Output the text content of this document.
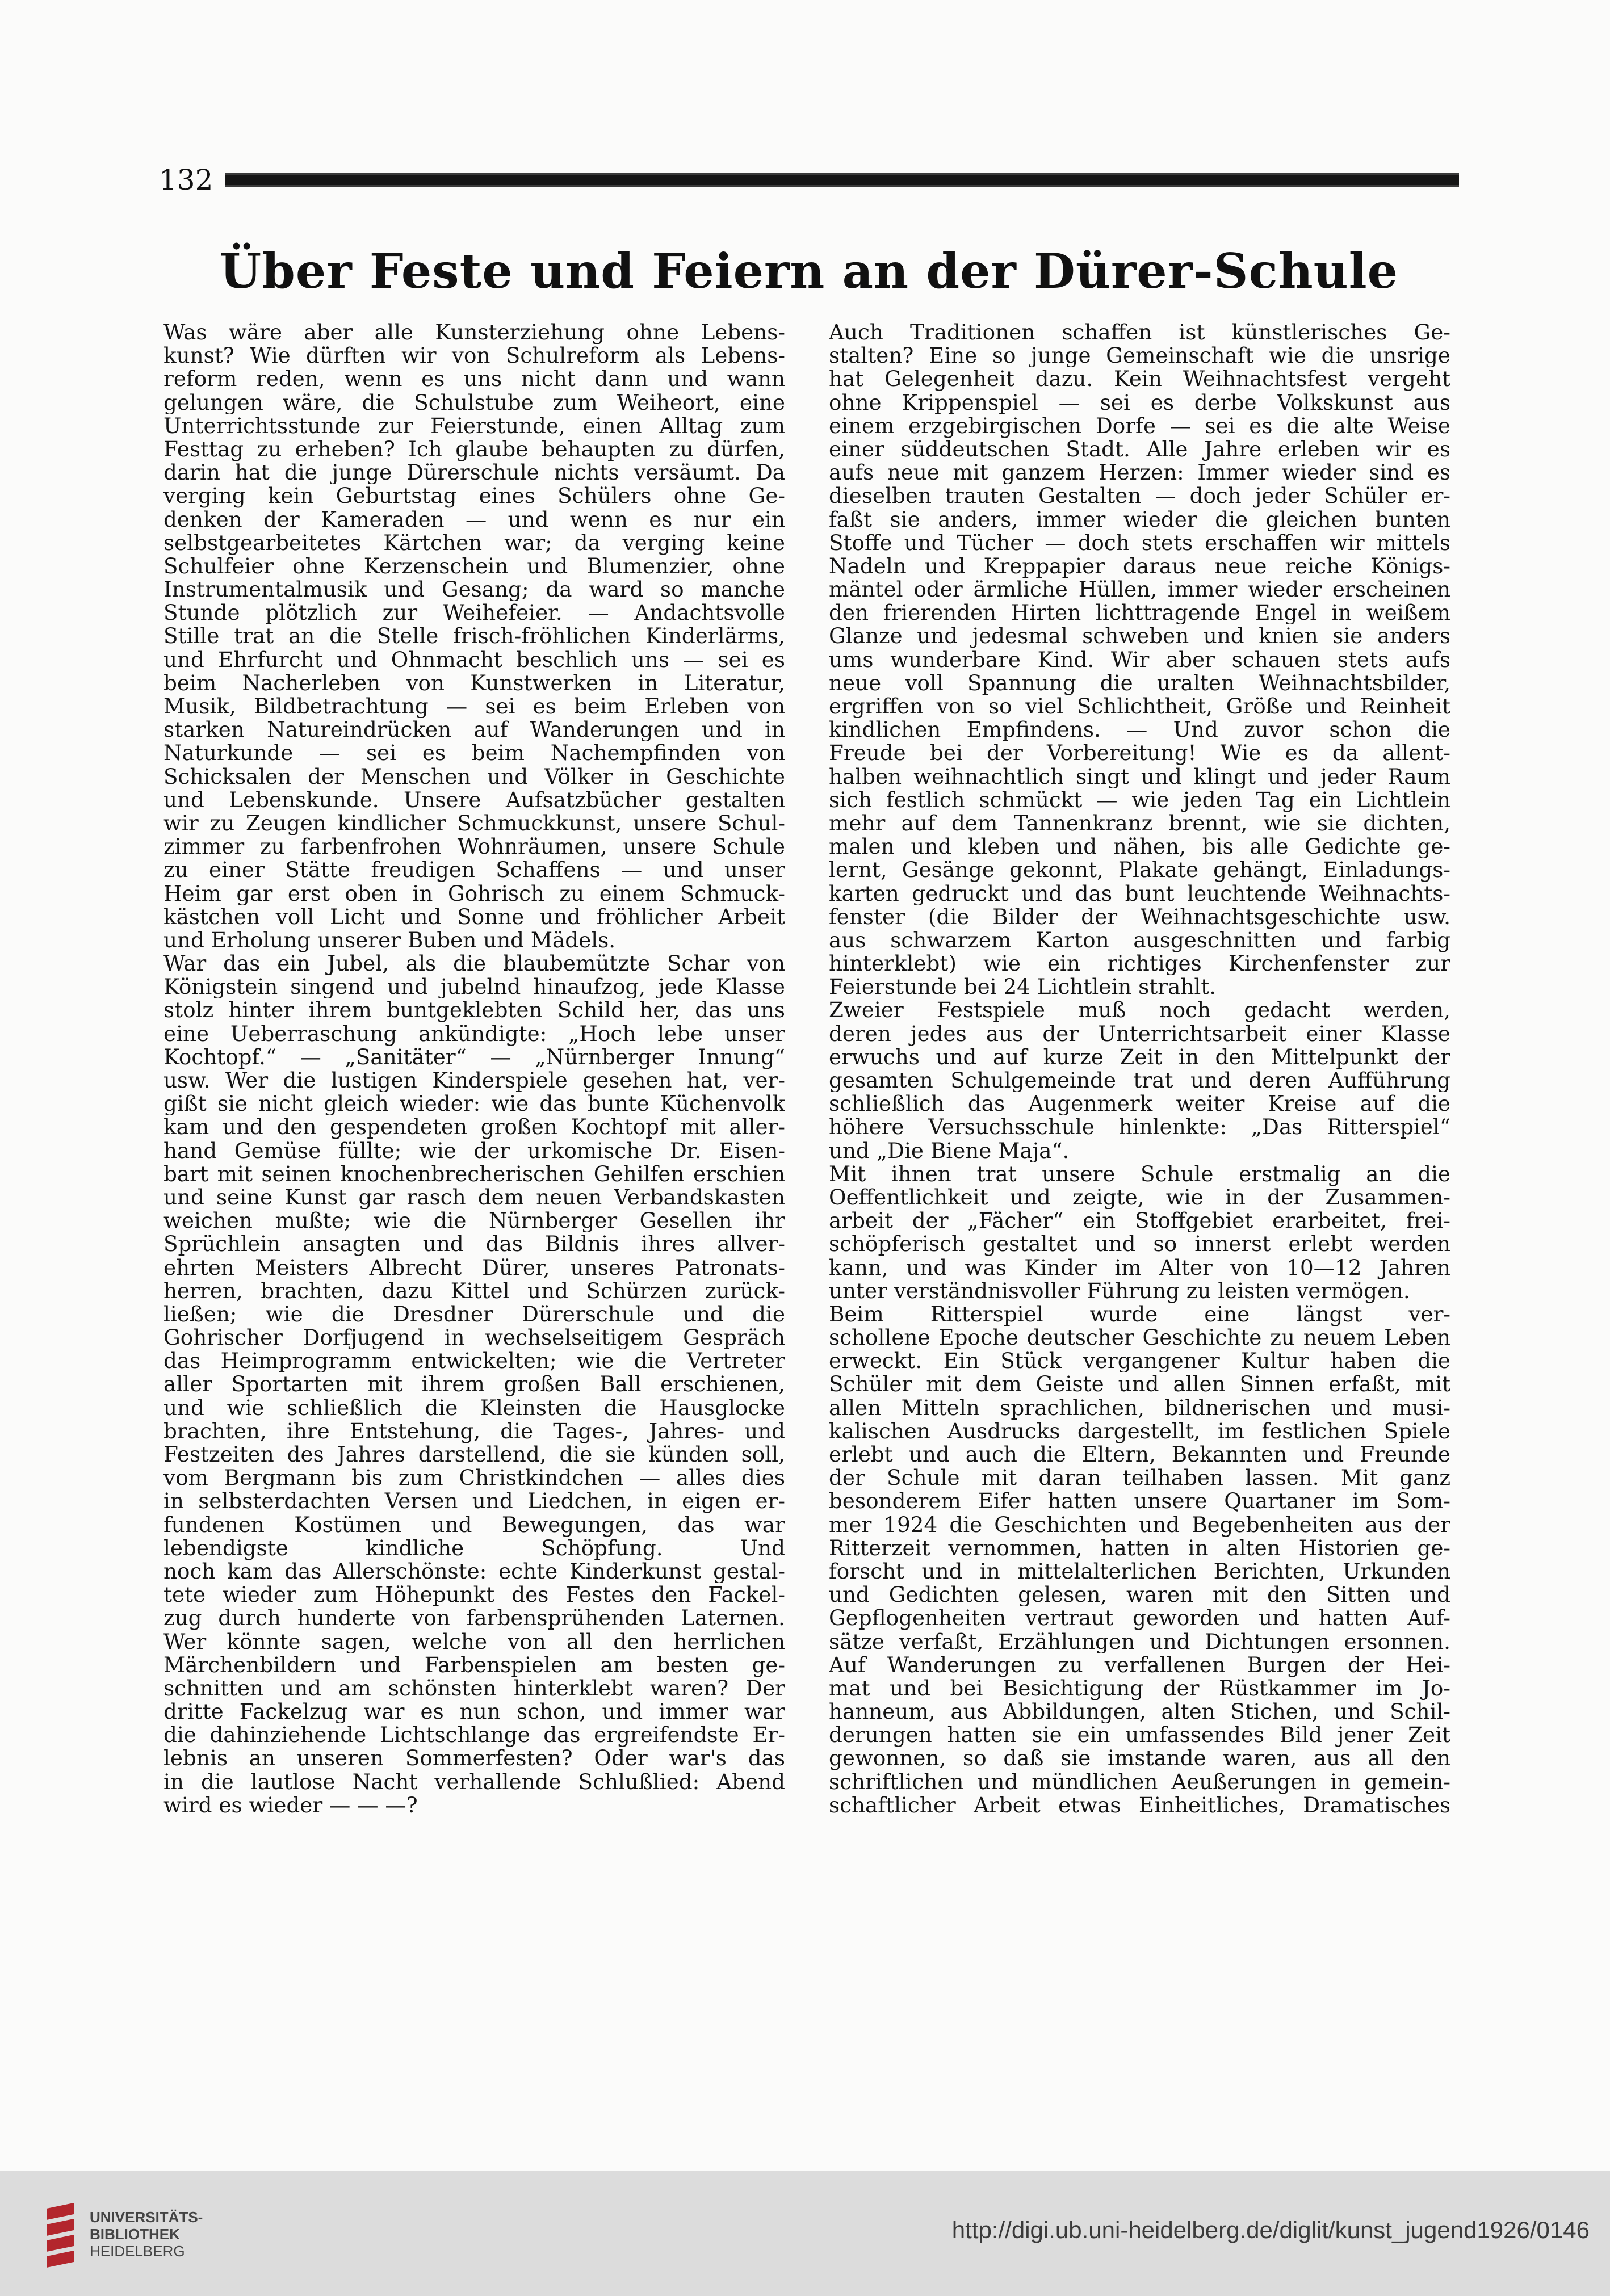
132
Über Feste und Feiern an der Dürer-Schule
Was wäre aber alle Kunsterziehung ohne Lebens-
kunst? Wie dürften wir von Schulreform als Lebens-
reform reden, wenn es uns nicht dann und wann
gelungen wäre, die Schulstube zum Weiheort, eine
Unterrichtsstunde zur Feierstunde, einen Alltag zum
Festtag zu erheben? Ich glaube behaupten zu dürfen,
darin hat die junge Dürerschule nichts versäumt. Da
verging kein Geburtstag eines Schülers ohne Ge-
denken der Kameraden — und wenn es nur ein
selbstgearbeitetes Kärtchen war; da verging keine
Schulfeier ohne Kerzenschein und Blumenzier, ohne
Instrumentalmusik und Gesang; da ward so manche
Stunde plötzlich zur Weihefeier. — Andachtsvolle
Stille trat an die Stelle frisch-fröhlichen Kinderlärms,
und Ehrfurcht und Ohnmacht beschlich uns — sei es
beim Nacherleben von Kunstwerken in Literatur,
Musik, Bildbetrachtung — sei es beim Erleben von
starken Natureindrücken auf Wanderungen und in
Naturkunde — sei es beim Nachempfinden von
Schicksalen der Menschen und Völker in Geschichte
und Lebenskunde. Unsere Aufsatzbücher gestalten
wir zu Zeugen kindlicher Schmuckkunst, unsere Schul-
zimmer zu farbenfrohen Wohnräumen, unsere Schule
zu einer Stätte freudigen Schaffens — und unser
Heim gar erst oben in Gohrisch zu einem Schmuck-
kästchen voll Licht und Sonne und fröhlicher Arbeit
und Erholung unserer Buben und Mädels.
War das ein Jubel, als die blaubemützte Schar von
Königstein singend und jubelnd hinaufzog, jede Klasse
stolz hinter ihrem buntgeklebten Schild her, das uns
eine Ueberraschung ankündigte: „Hoch lebe unser
Kochtopf.“ — „Sanitäter“ — „Nürnberger Innung“
usw. Wer die lustigen Kinderspiele gesehen hat, ver-
gißt sie nicht gleich wieder: wie das bunte Küchenvolk
kam und den gespendeten großen Kochtopf mit aller-
hand Gemüse füllte; wie der urkomische Dr. Eisen-
bart mit seinen knochenbrecherischen Gehilfen erschien
und seine Kunst gar rasch dem neuen Verbandskasten
weichen mußte; wie die Nürnberger Gesellen ihr
Sprüchlein ansagten und das Bildnis ihres allver-
ehrten Meisters Albrecht Dürer, unseres Patronats-
herren, brachten, dazu Kittel und Schürzen zurück-
ließen; wie die Dresdner Dürerschule und die
Gohrischer Dorfjugend in wechselseitigem Gespräch
das Heimprogramm entwickelten; wie die Vertreter
aller Sportarten mit ihrem großen Ball erschienen,
und wie schließlich die Kleinsten die Hausglocke
brachten, ihre Entstehung, die Tages-, Jahres- und
Festzeiten des Jahres darstellend, die sie künden soll,
vom Bergmann bis zum Christkindchen — alles dies
in selbsterdachten Versen und Liedchen, in eigen er-
fundenen Kostümen und Bewegungen, das war
lebendigste kindliche Schöpfung. Und
noch kam das Allerschönste: echte Kinderkunst gestal-
tete wieder zum Höhepunkt des Festes den Fackel-
zug durch hunderte von farbensprühenden Laternen.
Wer könnte sagen, welche von all den herrlichen
Märchenbildern und Farbenspielen am besten ge-
schnitten und am schönsten hinterklebt waren? Der
dritte Fackelzug war es nun schon, und immer war
die dahinziehende Lichtschlange das ergreifendste Er-
lebnis an unseren Sommerfesten? Oder war's das
in die lautlose Nacht verhallende Schlußlied: Abend
wird es wieder — — —?
Auch Traditionen schaffen ist künstlerisches Ge-
stalten? Eine so junge Gemeinschaft wie die unsrige
hat Gelegenheit dazu. Kein Weihnachtsfest vergeht
ohne Krippenspiel — sei es derbe Volkskunst aus
einem erzgebirgischen Dorfe — sei es die alte Weise
einer süddeutschen Stadt. Alle Jahre erleben wir es
aufs neue mit ganzem Herzen: Immer wieder sind es
dieselben trauten Gestalten — doch jeder Schüler er-
faßt sie anders, immer wieder die gleichen bunten
Stoffe und Tücher — doch stets erschaffen wir mittels
Nadeln und Kreppapier daraus neue reiche Königs-
mäntel oder ärmliche Hüllen, immer wieder erscheinen
den frierenden Hirten lichttragende Engel in weißem
Glanze und jedesmal schweben und knien sie anders
ums wunderbare Kind. Wir aber schauen stets aufs
neue voll Spannung die uralten Weihnachtsbilder,
ergriffen von so viel Schlichtheit, Größe und Reinheit
kindlichen Empfindens. — Und zuvor schon die
Freude bei der Vorbereitung! Wie es da allent-
halben weihnachtlich singt und klingt und jeder Raum
sich festlich schmückt — wie jeden Tag ein Lichtlein
mehr auf dem Tannenkranz brennt, wie sie dichten,
malen und kleben und nähen, bis alle Gedichte ge-
lernt, Gesänge gekonnt, Plakate gehängt, Einladungs-
karten gedruckt und das bunt leuchtende Weihnachts-
fenster (die Bilder der Weihnachtsgeschichte usw.
aus schwarzem Karton ausgeschnitten und farbig
hinterklebt) wie ein richtiges Kirchenfenster zur
Feierstunde bei 24 Lichtlein strahlt.
Zweier Festspiele muß noch gedacht werden,
deren jedes aus der Unterrichtsarbeit einer Klasse
erwuchs und auf kurze Zeit in den Mittelpunkt der
gesamten Schulgemeinde trat und deren Aufführung
schließlich das Augenmerk weiter Kreise auf die
höhere Versuchsschule hinlenkte: „Das Ritterspiel“
und „Die Biene Maja“.
Mit ihnen trat unsere Schule erstmalig an die
Oeffentlichkeit und zeigte, wie in der Zusammen-
arbeit der „Fächer“ ein Stoffgebiet erarbeitet, frei-
schöpferisch gestaltet und so innerst erlebt werden
kann, und was Kinder im Alter von 10—12 Jahren
unter verständnisvoller Führung zu leisten vermögen.
Beim Ritterspiel wurde eine längst ver-
schollene Epoche deutscher Geschichte zu neuem Leben
erweckt. Ein Stück vergangener Kultur haben die
Schüler mit dem Geiste und allen Sinnen erfaßt, mit
allen Mitteln sprachlichen, bildnerischen und musi-
kalischen Ausdrucks dargestellt, im festlichen Spiele
erlebt und auch die Eltern, Bekannten und Freunde
der Schule mit daran teilhaben lassen. Mit ganz
besonderem Eifer hatten unsere Quartaner im Som-
mer 1924 die Geschichten und Begebenheiten aus der
Ritterzeit vernommen, hatten in alten Historien ge-
forscht und in mittelalterlichen Berichten, Urkunden
und Gedichten gelesen, waren mit den Sitten und
Gepflogenheiten vertraut geworden und hatten Auf-
sätze verfaßt, Erzählungen und Dichtungen ersonnen.
Auf Wanderungen zu verfallenen Burgen der Hei-
mat und bei Besichtigung der Rüstkammer im Jo-
hanneum, aus Abbildungen, alten Stichen, und Schil-
derungen hatten sie ein umfassendes Bild jener Zeit
gewonnen, so daß sie imstande waren, aus all den
schriftlichen und mündlichen Aeußerungen in gemein-
schaftlicher Arbeit etwas Einheitliches, Dramatisches
UNIVERSITÄTS-
BIBLIOTHEK
HEIDELBERG
http://digi.ub.uni-heidelberg.de/diglit/kunst_jugend1926/0146
